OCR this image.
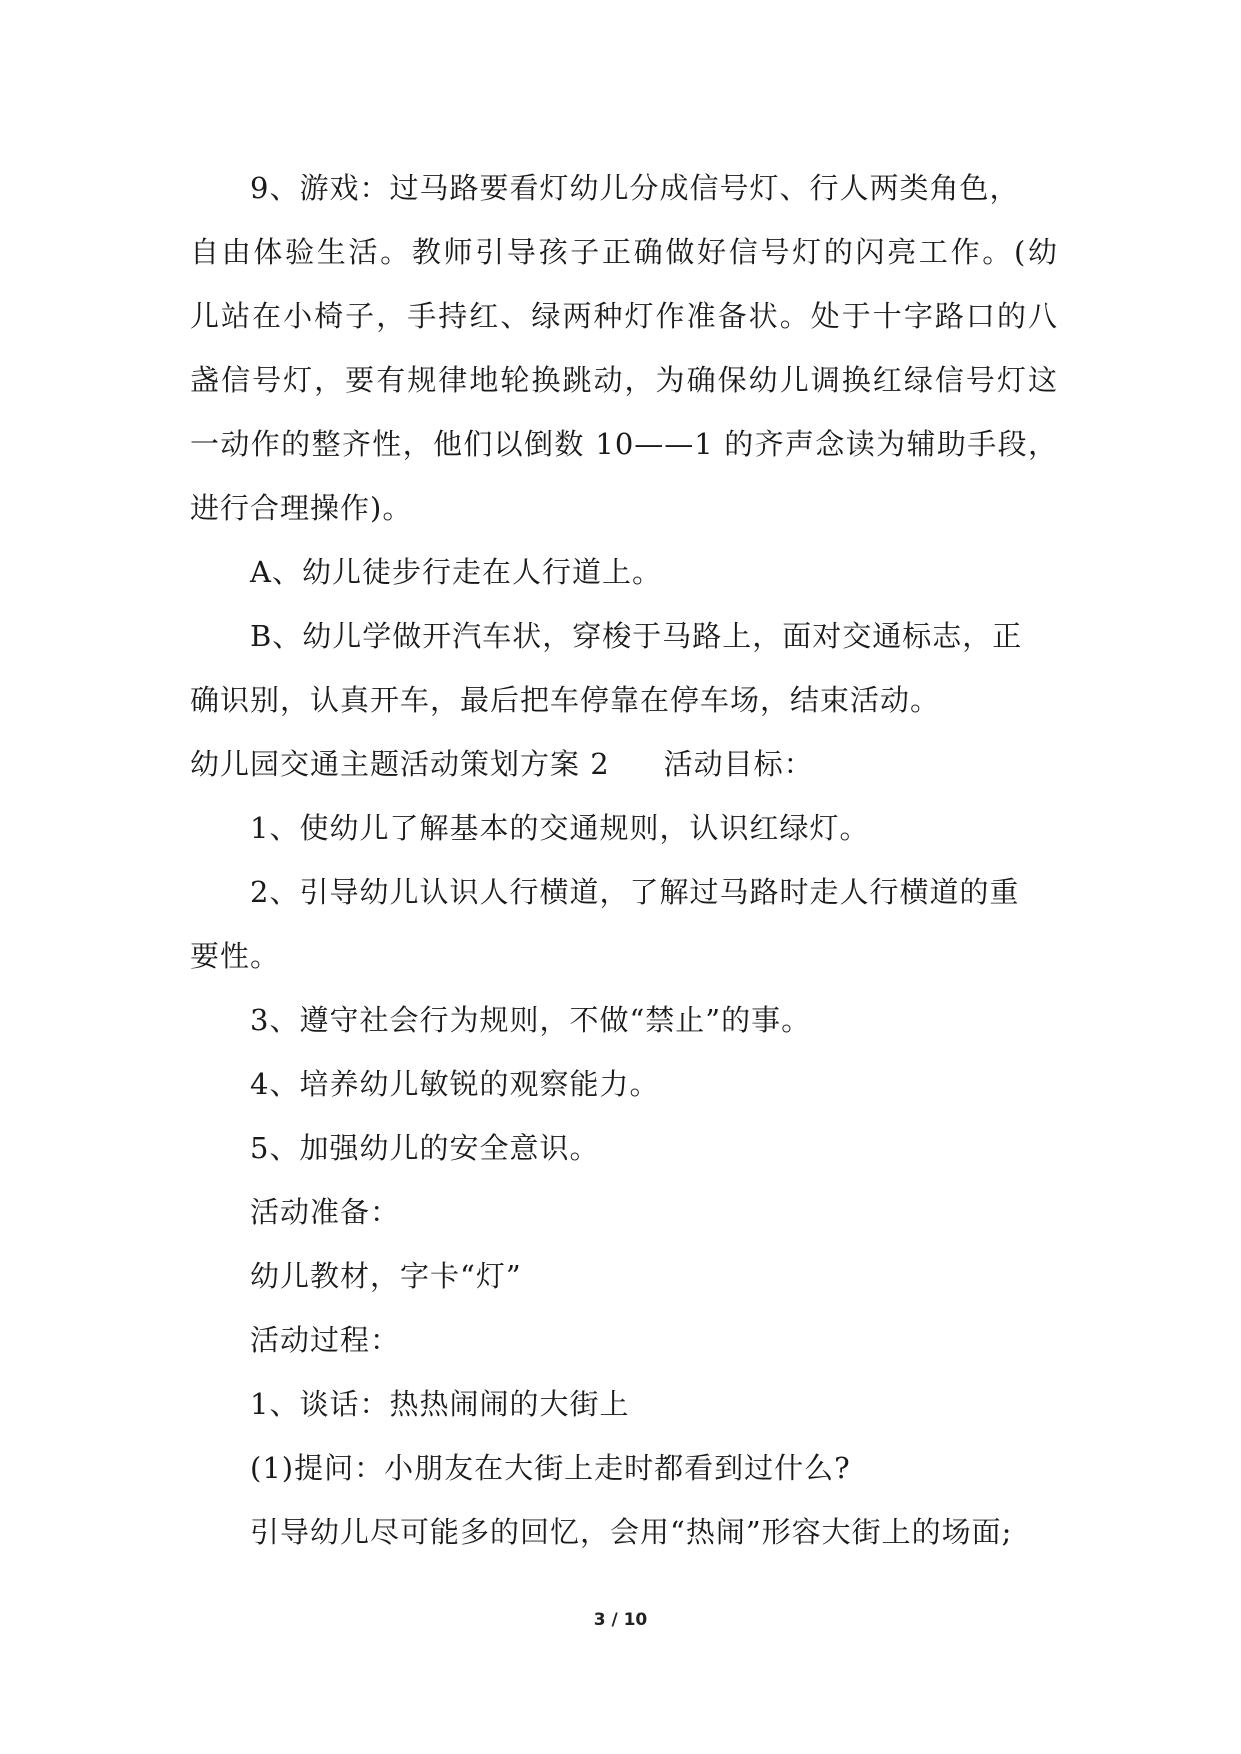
9、游戏：过马路要看灯幼儿分成信号灯、行人两类角色，
自由体验生活。教师引导孩子正确做好信号灯的闪亮工作。(幼
儿站在小椅子，手持红、绿两种灯作准备状。处于十字路口的八
盏信号灯，要有规律地轮换跳动，为确保幼儿调换红绿信号灯这
一动作的整齐性，他们以倒数 10——1 的齐声念读为辅助手段，
进行合理操作)。
A、幼儿徒步行走在人行道上。
B、幼儿学做开汽车状，穿梭于马路上，面对交通标志，正
确识别，认真开车，最后把车停靠在停车场，结束活动。
幼儿园交通主题活动策划方案 2 活动目标：
1、使幼儿了解基本的交通规则，认识红绿灯。
2、引导幼儿认识人行横道，了解过马路时走人行横道的重
要性。
3、遵守社会行为规则，不做“禁止”的事。
4、培养幼儿敏锐的观察能力。
5、加强幼儿的安全意识。
活动准备：
幼儿教材，字卡“灯”
活动过程：
1、谈话：热热闹闹的大街上
(1)提问：小朋友在大街上走时都看到过什么?
引导幼儿尽可能多的回忆，会用“热闹”形容大街上的场面;
3 / 10
